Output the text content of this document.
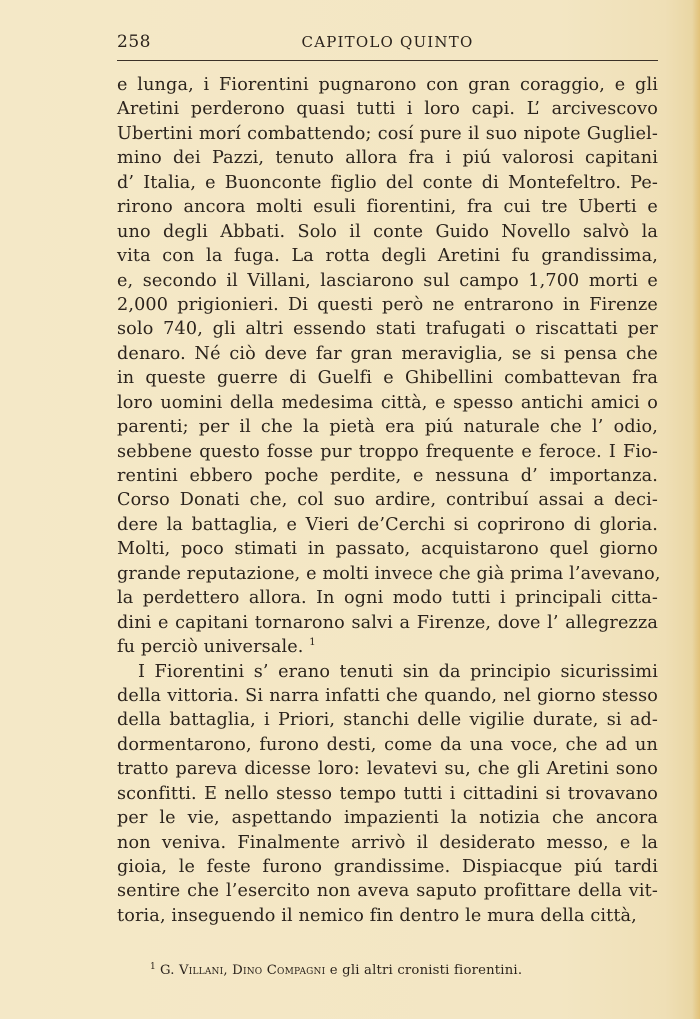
258	CAPITOLO QUINTO
e lunga, i Fiorentini pugnarono con gran coraggio, e gli
Aretini perderono quasi tutti i loro capi. L’ arcivescovo
Ubertini morí combattendo; cosí pure il suo nipote Gugliel-
mino dei Pazzi, tenuto allora fra i piú valorosi capitani
d’ Italia, e Buonconte figlio del conte di Montefeltro. Pe-
rirono ancora molti esuli fiorentini, fra cui tre Uberti e
uno degli Abbati. Solo il conte Guido Novello salvò la
vita con la fuga. La rotta degli Aretini fu grandissima,
e, secondo il Villani, lasciarono sul campo 1,700 morti e
2,000 prigionieri. Di questi però ne entrarono in Firenze
solo 740, gli altri essendo stati trafugati o riscattati per
denaro. Né ciò deve far gran meraviglia, se si pensa che
in queste guerre di Guelfi e Ghibellini combattevan fra
loro uomini della medesima città, e spesso antichi amici o
parenti; per il che la pietà era piú naturale che l’ odio,
sebbene questo fosse pur troppo frequente e feroce. I Fio-
rentini ebbero poche perdite, e nessuna d’ importanza.
Corso Donati che, col suo ardire, contribuí assai a deci-
dere la battaglia, e Vieri de’Cerchi si coprirono di gloria.
Molti, poco stimati in passato, acquistarono quel giorno
grande reputazione, e molti invece che già prima l’avevano,
la perdettero allora. In ogni modo tutti i principali citta-
dini e capitani tornarono salvi a Firenze, dove l’ allegrezza
fu perciò universale. $^1$
I Fiorentini s’ erano tenuti sin da principio sicurissimi
della vittoria. Si narra infatti che quando, nel giorno stesso
della battaglia, i Priori, stanchi delle vigilie durate, si ad-
dormentarono, furono desti, come da una voce, che ad un
tratto pareva dicesse loro: levatevi su, che gli Aretini sono
sconfitti. E nello stesso tempo tutti i cittadini si trovavano
per le vie, aspettando impazienti la notizia che ancora
non veniva. Finalmente arrivò il desiderato messo, e la
gioia, le feste furono grandissime. Dispiacque piú tardi
sentire che l’esercito non aveva saputo profittare della vit-
toria, inseguendo il nemico fin dentro le mura della città,
$^1$ G. Villani, Dino Compagni e gli altri cronisti fiorentini.
